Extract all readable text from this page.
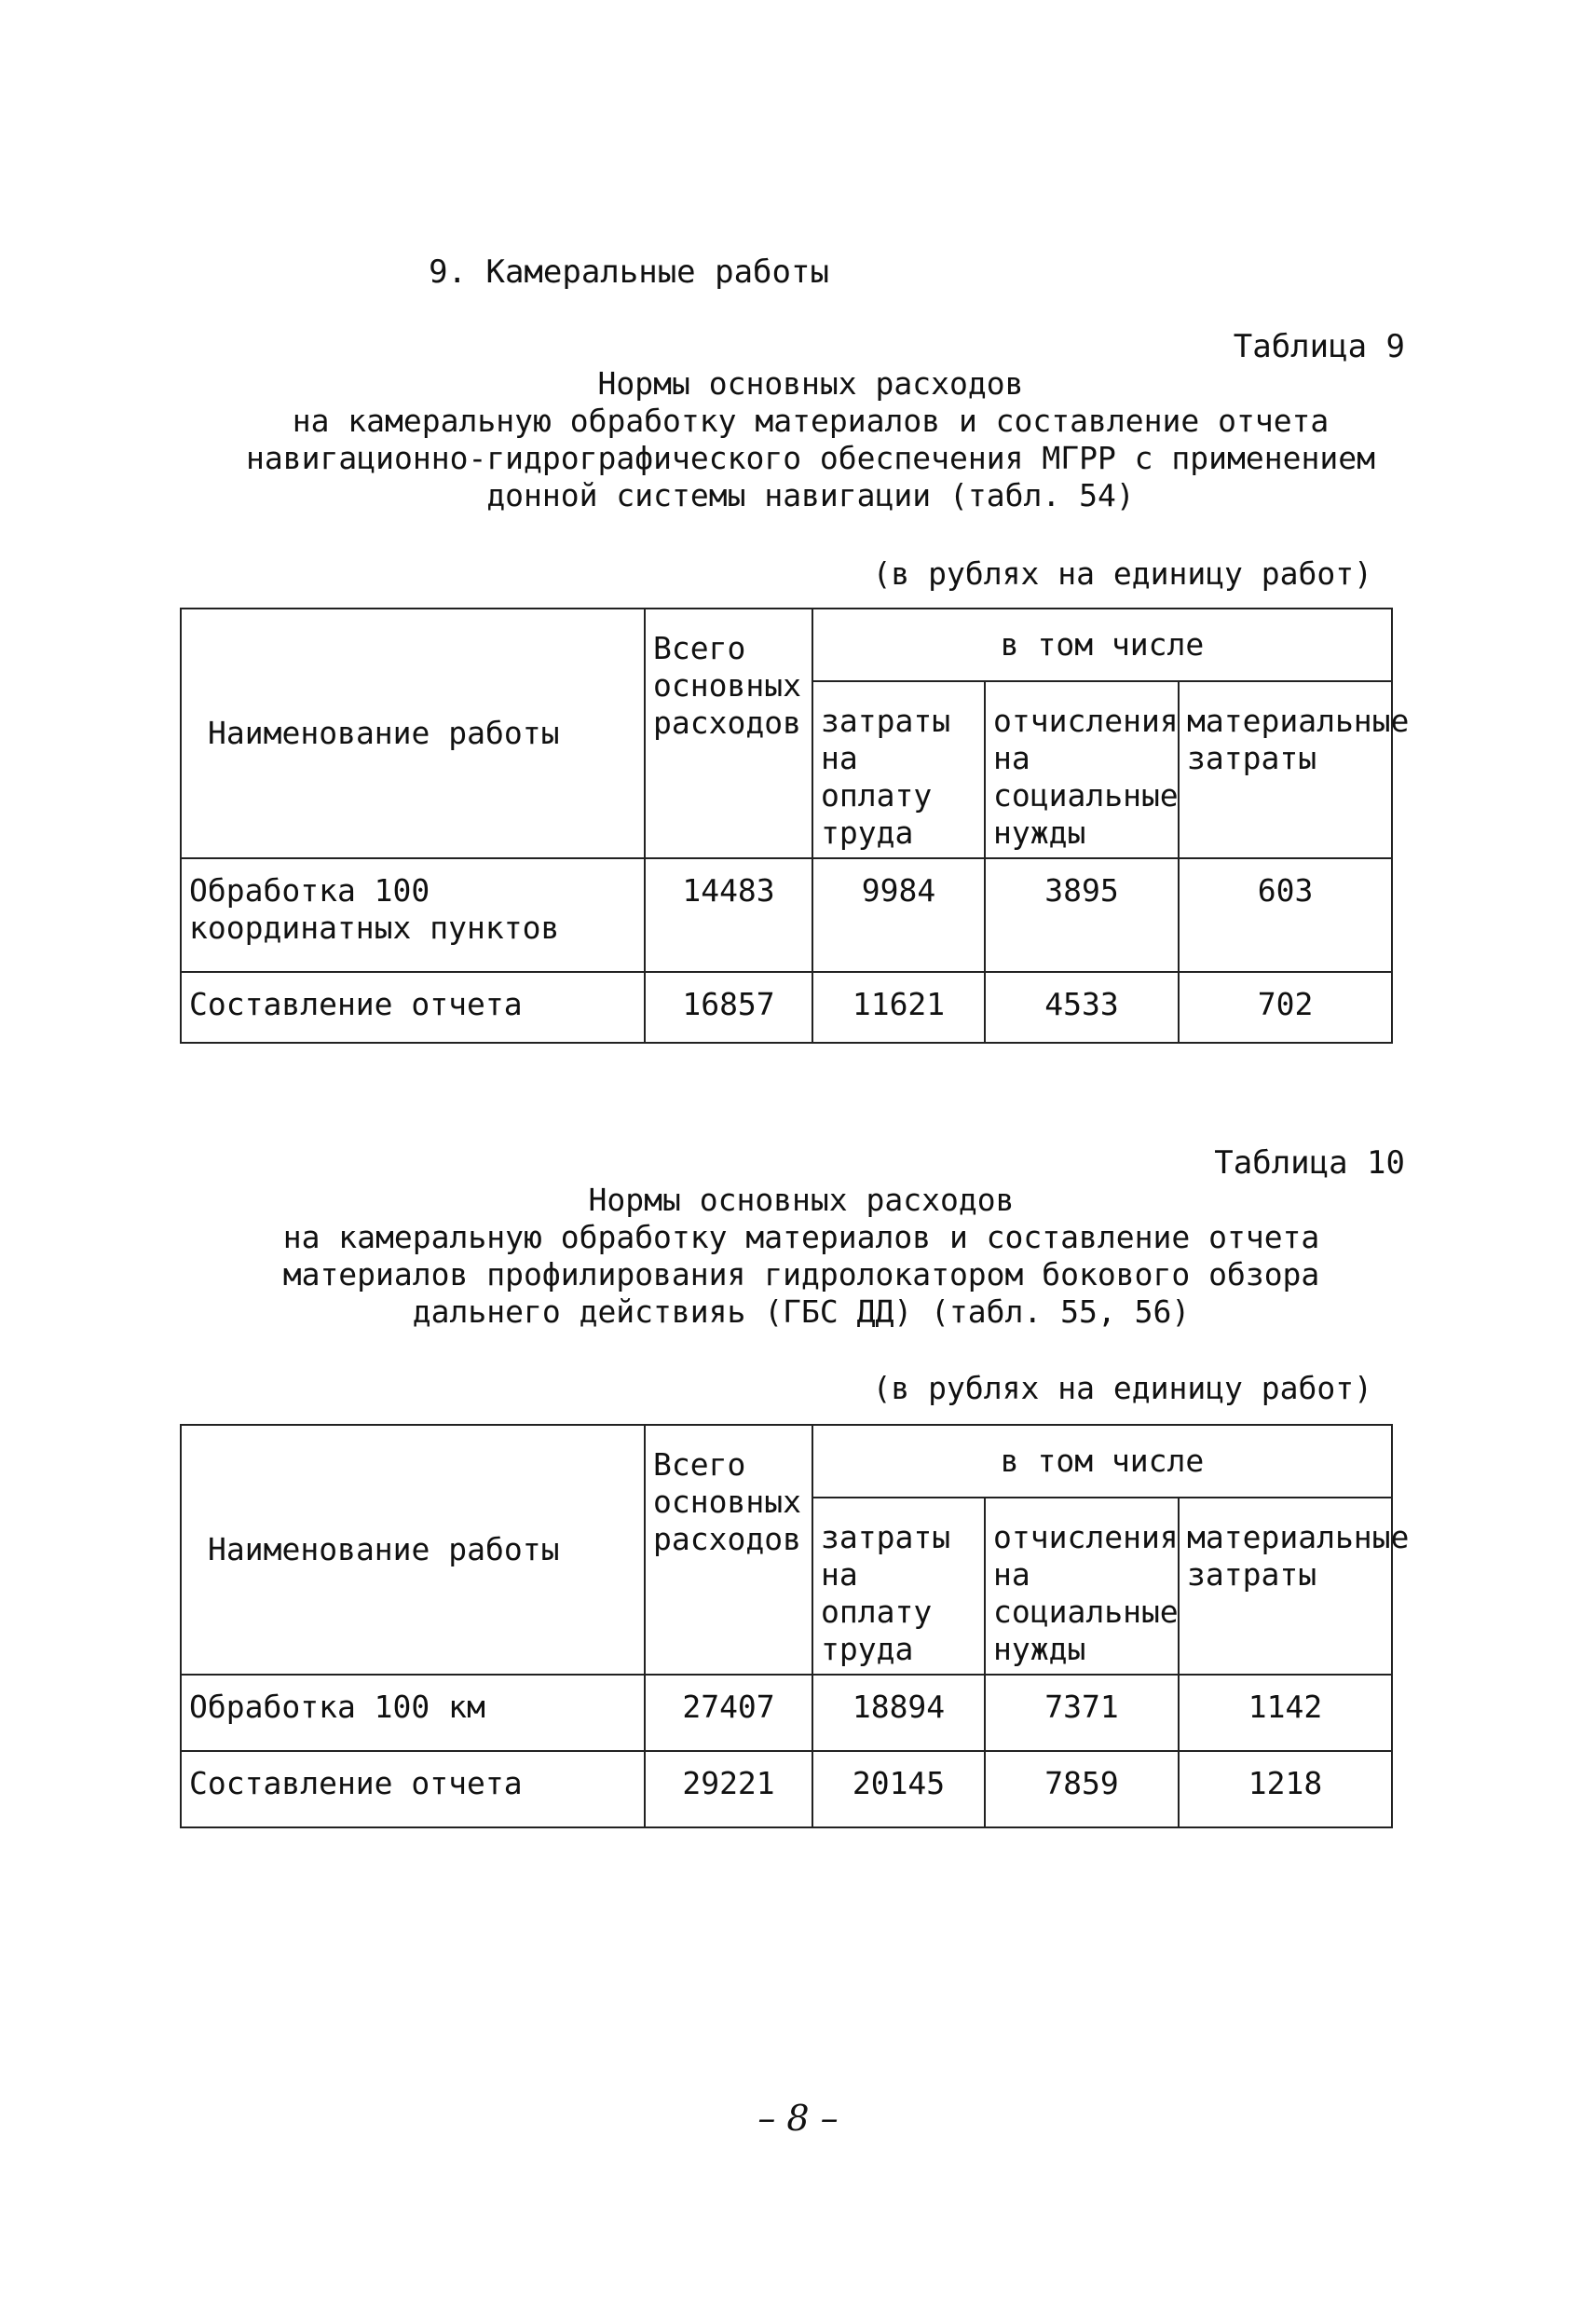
9. Камеральные работы
Таблица 9
Нормы основных расходов
на камеральную обработку материалов и составление отчета
навигационно-гидрографического обеспечения МГРР с применением
донной системы навигации (табл. 54)
(в рублях на единицу работ)
Наименование работы	Всего основных расходов	в том числе		
		затраты на оплату труда	отчисления на социальные нужды	материальные затраты
Обработка 100 координатных пунктов	14483	9984	3895	603
Составление отчета	16857	11621	4533	702
Таблица 10
Нормы основных расходов
на камеральную обработку материалов и составление отчета
материалов профилирования гидролокатором бокового обзора
дальнего действияь (ГБС ДД) (табл. 55, 56)
(в рублях на единицу работ)
Наименование работы	Всего основных расходов	в том числе		
		затраты на оплату труда	отчисления на социальные нужды	материальные затраты
Обработка 100 км	27407	18894	7371	1142
Составление отчета	29221	20145	7859	1218
– 8 –
